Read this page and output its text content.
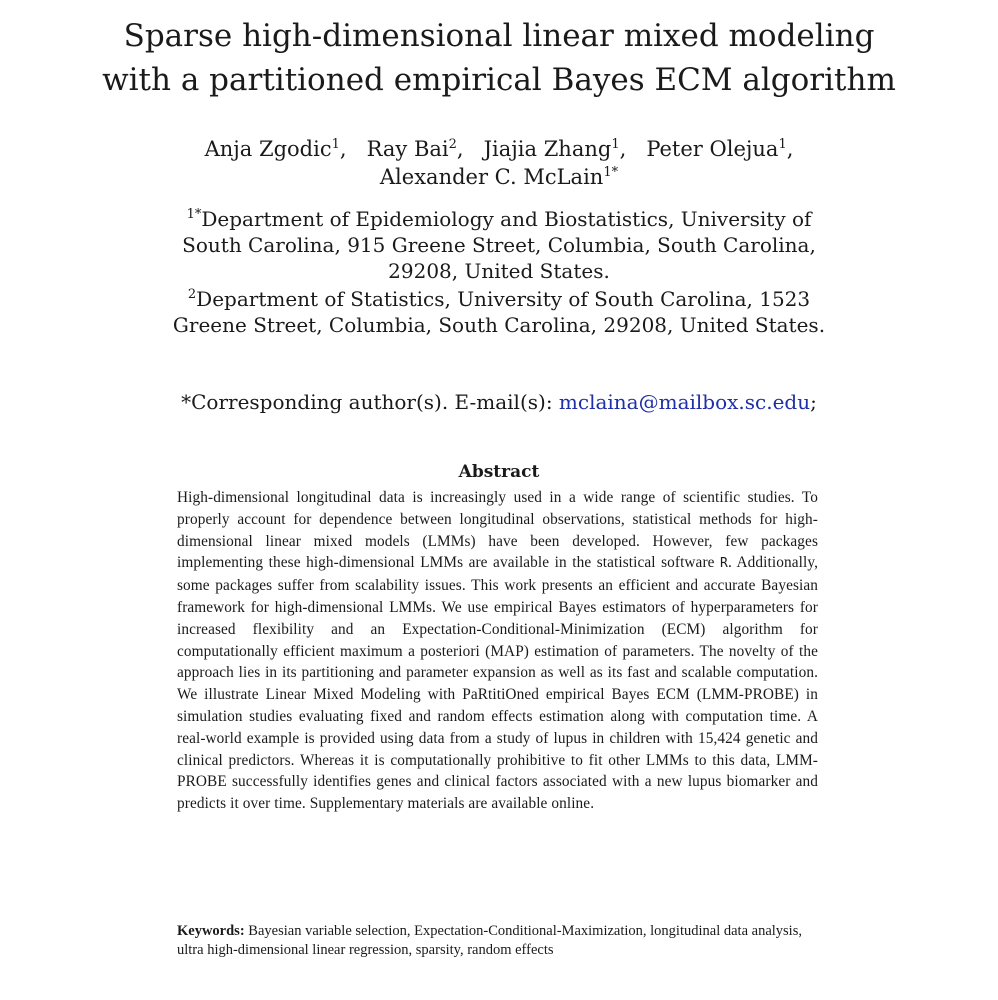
Sparse high-dimensional linear mixed modeling
with a partitioned empirical Bayes ECM algorithm
Anja Zgodic$^1$,   Ray Bai$^2$,   Jiajia Zhang$^1$,   Peter Olejua$^1$,
Alexander C. McLain$^{1*}$
$^{1*}$Department of Epidemiology and Biostatistics, University of South Carolina, 915 Greene Street, Columbia, South Carolina, 29208, United States.
$^2$Department of Statistics, University of South Carolina, 1523 Greene Street, Columbia, South Carolina, 29208, United States.
*Corresponding author(s). E-mail(s): mclaina@mailbox.sc.edu;
Abstract
High-dimensional longitudinal data is increasingly used in a wide range of scientific studies. To properly account for dependence between longitudinal observations, statistical methods for high-dimensional linear mixed models (LMMs) have been developed. However, few packages implementing these high-dimensional LMMs are available in the statistical software R. Additionally, some packages suffer from scalability issues. This work presents an efficient and accurate Bayesian framework for high-dimensional LMMs. We use empirical Bayes estimators of hyperparameters for increased flexibility and an Expectation-Conditional-Minimization (ECM) algorithm for computationally efficient maximum a posteriori (MAP) estimation of parameters. The novelty of the approach lies in its partitioning and parameter expansion as well as its fast and scalable computation. We illustrate Linear Mixed Modeling with PaRtitiOned empirical Bayes ECM (LMM-PROBE) in simulation studies evaluating fixed and random effects estimation along with computation time. A real-world example is provided using data from a study of lupus in children with 15,424 genetic and clinical predictors. Whereas it is computationally prohibitive to fit other LMMs to this data, LMM-PROBE successfully identifies genes and clinical factors associated with a new lupus biomarker and predicts it over time. Supplementary materials are available online.
Keywords: Bayesian variable selection, Expectation-Conditional-Maximization, longitudinal data analysis, ultra high-dimensional linear regression, sparsity, random effects
